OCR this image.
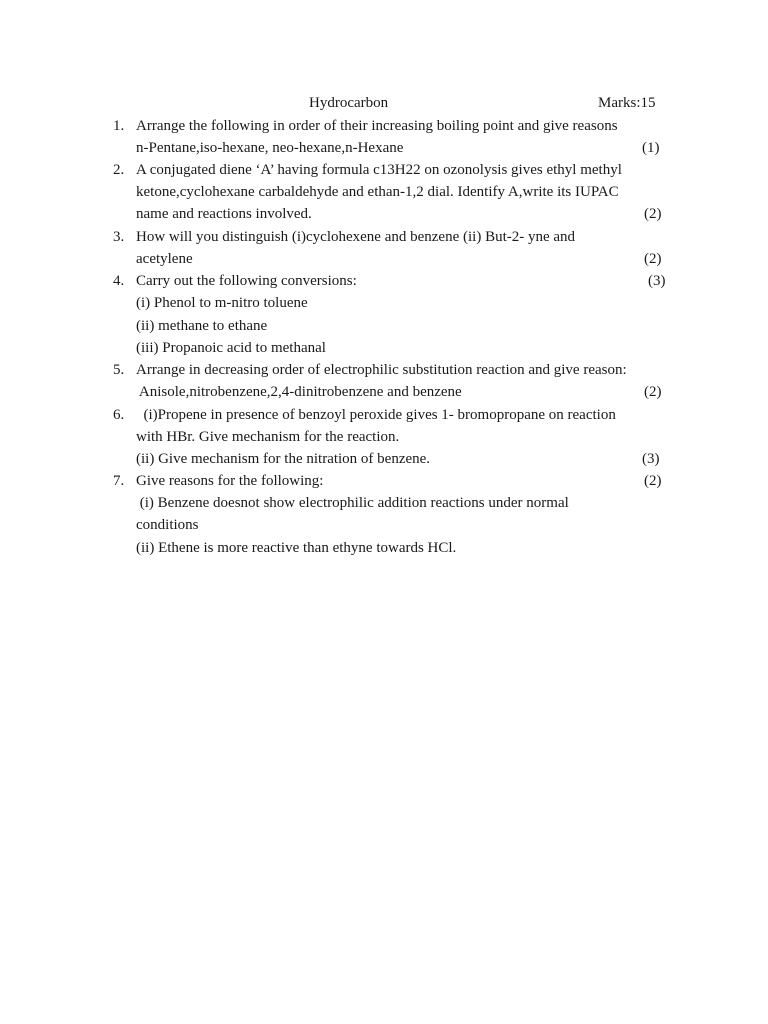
Hydrocarbon	Marks:15
1. Arrange the following in order of their increasing boiling point and give reasons
n-Pentane,iso-hexane, neo-hexane,n-Hexane	(1)
2. A conjugated diene ‘A’ having formula c13H22 on ozonolysis gives ethyl methyl
ketone,cyclohexane carbaldehyde and ethan-1,2 dial. Identify A,write its IUPAC
name and reactions involved.	(2)
3. How will you distinguish (i)cyclohexene and benzene (ii) But-2- yne and
acetylene	(2)
4. Carry out the following conversions:	(3)
(i) Phenol to m-nitro toluene
(ii) methane to ethane
(iii) Propanoic acid to methanal
5. Arrange in decreasing order of electrophilic substitution reaction and give reason:
Anisole,nitrobenzene,2,4-dinitrobenzene and benzene	(2)
6. (i)Propene in presence of benzoyl peroxide gives 1- bromopropane on reaction
with HBr. Give mechanism for the reaction.
(ii) Give mechanism for the nitration of benzene.	(3)
7. Give reasons for the following:	(2)
(i) Benzene doesnot show electrophilic addition reactions under normal
conditions
(ii) Ethene is more reactive than ethyne towards HCl.
